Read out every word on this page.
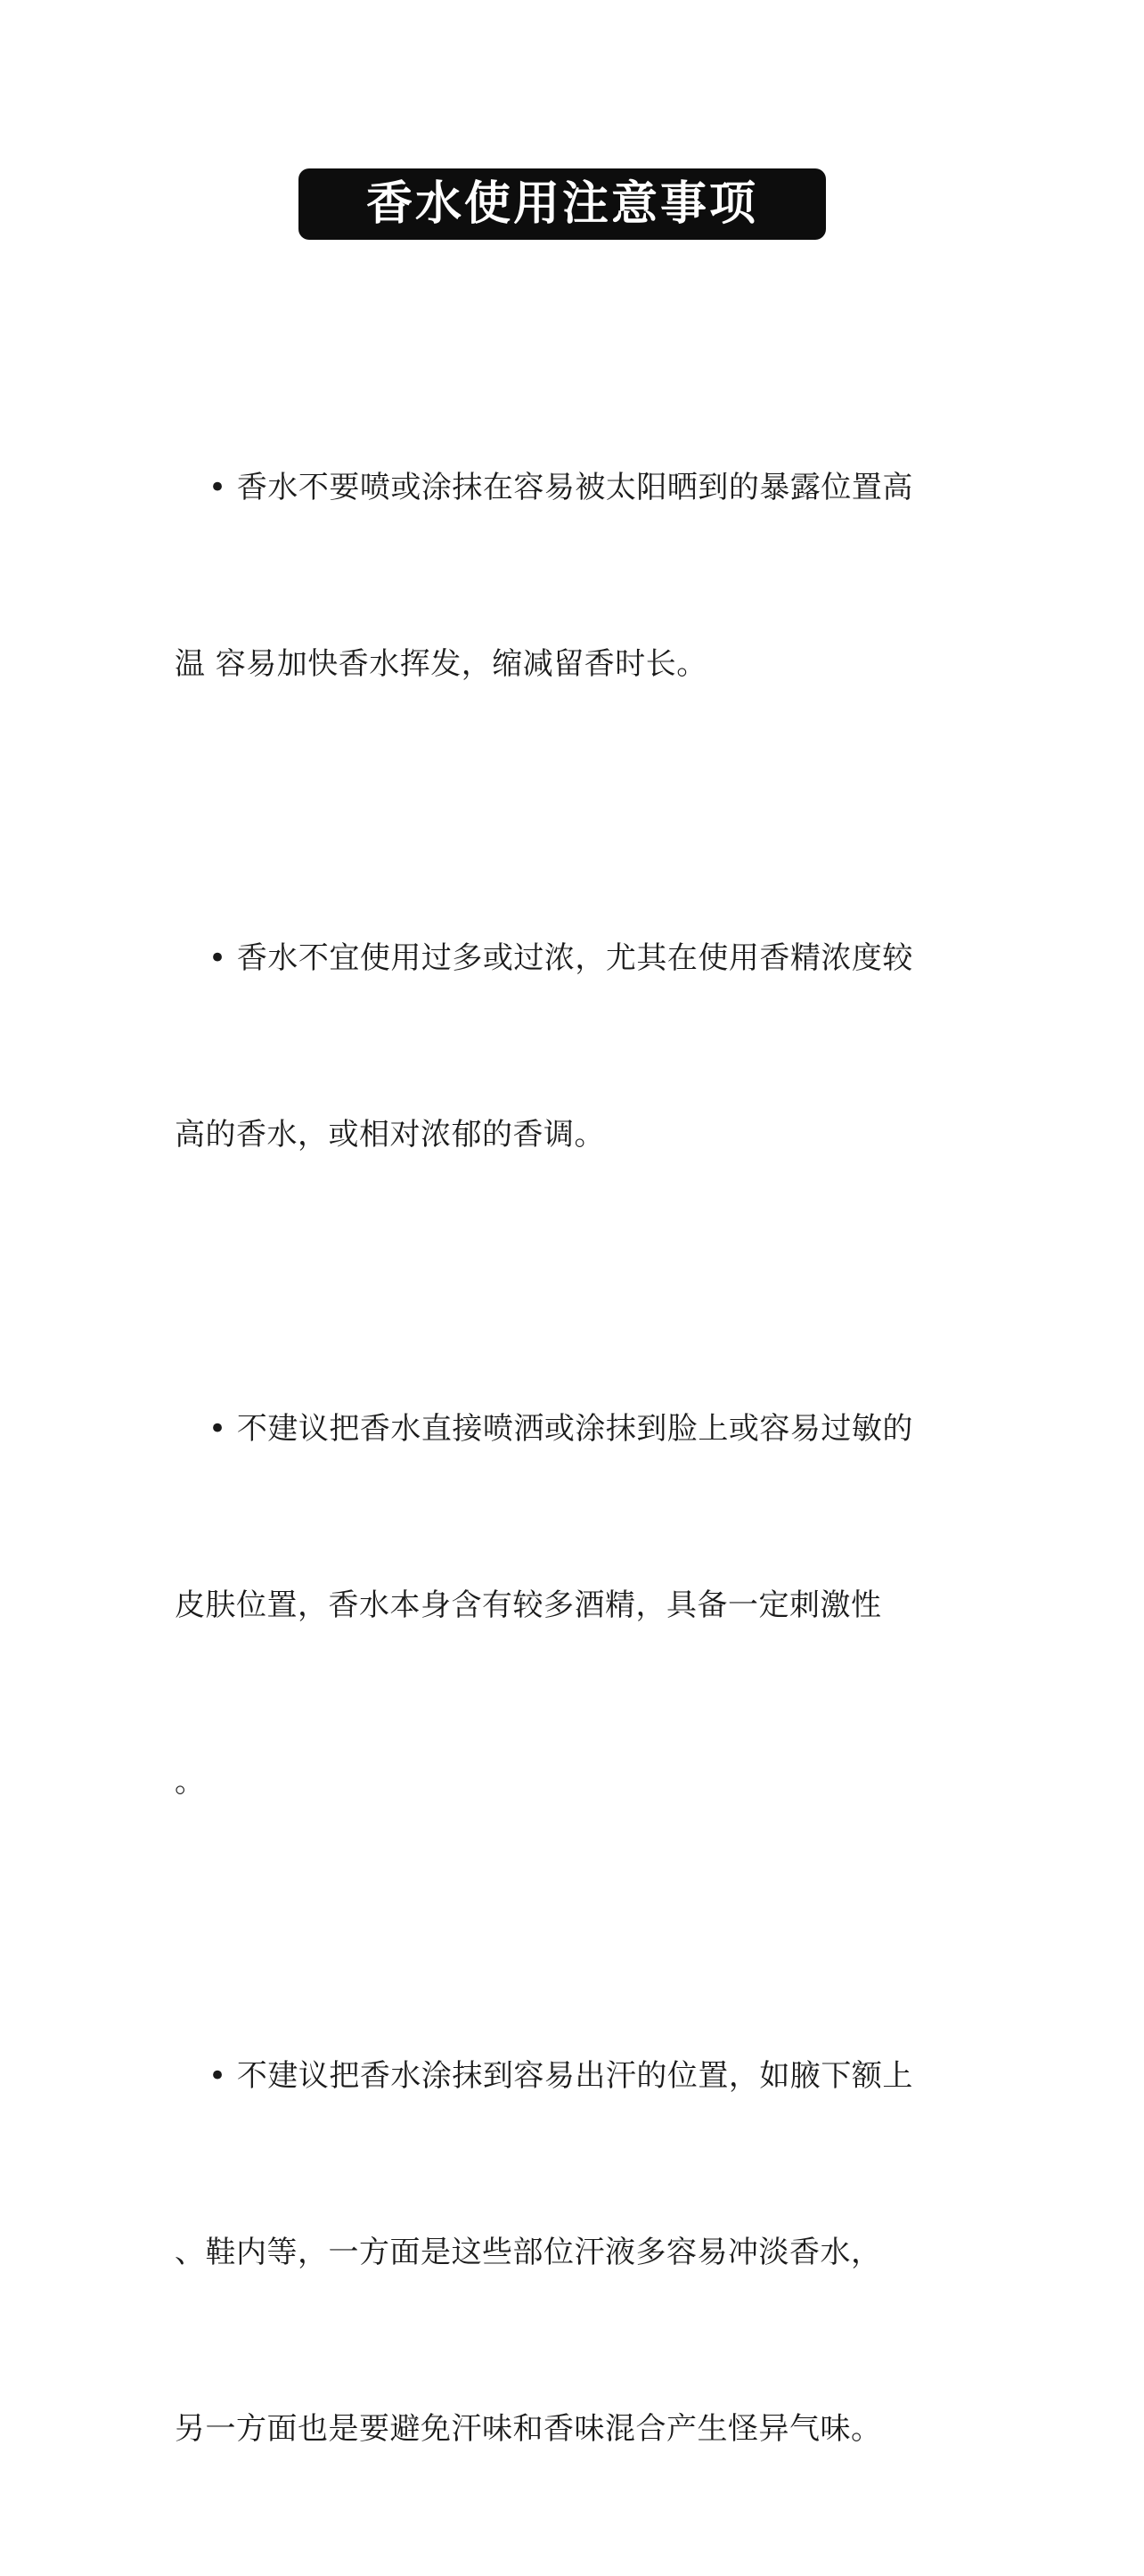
香水使用注意事项

• 香水不要喷或涂抹在容易被太阳晒到的暴露位置高

温 容易加快香水挥发，缩减留香时长。

• 香水不宜使用过多或过浓，尤其在使用香精浓度较

高的香水，或相对浓郁的香调。

• 不建议把香水直接喷洒或涂抹到脸上或容易过敏的

皮肤位置，香水本身含有较多酒精，具备一定刺激性

。

• 不建议把香水涂抹到容易出汗的位置，如腋下额上

、鞋内等，一方面是这些部位汗液多容易冲淡香水，

另一方面也是要避免汗味和香味混合产生怪异气味。
